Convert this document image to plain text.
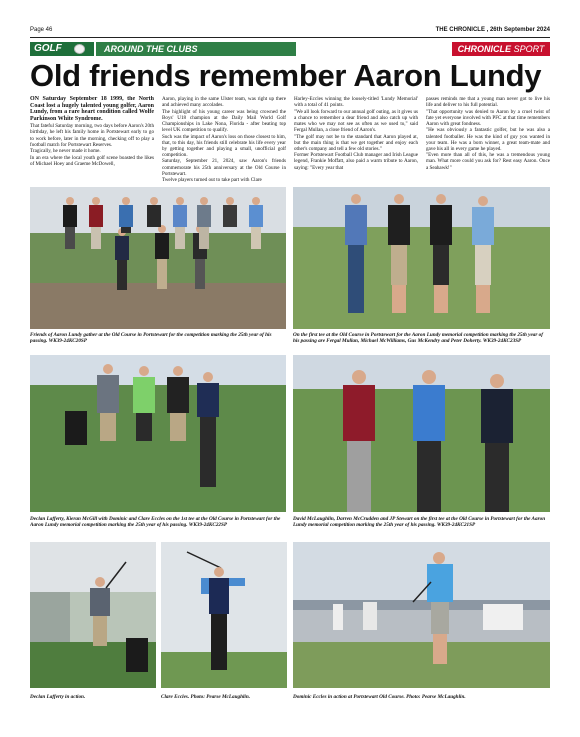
Page 46	THE CHRONICLE , 26th September 2024
GOLF	AROUND THE CLUBS	CHRONICLE SPORT
Old friends remember Aaron Lundy

ON Saturday September 18 1999, the North Coast lost a hugely talented young golfer, Aaron Lundy, from a rare heart condition called Wolfe Parkinson White Syndrome.

That fateful Saturday morning, two days before Aaron's 20th birthday, he left his family home in Portstewart early to go to work before, later in the morning, checking off to play a football match for Portstewart Reserves.

Tragically, he never made it home.

In an era where the local youth golf scene boasted the likes of Michael Hoey and Graeme McDowell,

Aaron, playing in the same Ulster team, was right up there and achieved many accolades.

The highlight of his young career was being crowned the Boys' U18 champion at the Daily Mail World Golf Championships in Lake Nona, Florida - after beating top level UK competition to qualify.

Such was the impact of Aaron's loss on those closest to him, that, to this day, his friends still celebrate his life every year by getting together and playing a small, unofficial golf competition.

Saturday, September 21, 2024, saw Aaron's friends commemorate his 25th anniversary at the Old Course in Portstewart.

Twelve players turned out to take part with Clare

Harley-Eccles winning the loosely-titled 'Lundy Memorial' with a total of 41 points.

"We all look forward to our annual golf outing, as it gives us a chance to remember a dear friend and also catch up with mates who we may not see as often as we used to," said Fergal Mullan, a close friend of Aaron's.

"The golf may not be to the standard that Aaron played at, but the main thing is that we get together and enjoy each other's company and tell a few old stories."

Former Portstewart Football Club manager and Irish League legend, Frankie Moffatt, also paid a warm tribute to Aaron, saying: "Every year that

passes reminds me that a young man never got to live his life and deliver to his full potential.

"That opportunity was denied to Aaron by a cruel twist of fate yet everyone involved with PFC at that time remembers Aaron with great fondness.

"He was obviously a fantastic golfer, but he was also a talented footballer. He was the kind of guy you wanted in your team. He was a born winner, a great team-mate and gave his all in every game he played.

"Even more than all of this, he was a tremendous young man. What more could you ask for? Rest easy Aaron. Once a Seahawk!"

Friends of Aaron Lundy gather at the Old Course in Portstewart for the competition marking the 25th year of his passing. WK39-24KC20SP
On the first tee at the Old Course in Portstewart for the Aaron Lundy memorial competition marking the 25th year of his passing are Fergal Mullan, Michael McWilliams, Gus McKendry and Peter Doherty. WK39-24KC23SP
Declan Lafferty, Kieran McGill with Dominic and Clare Eccles on the 1st tee at the Old Course in Portstewart for the Aaron Lundy memorial competition marking the 25th year of his passing. WK39-24KC22SP
David McLaughlin, Darren McCrudden and JP Stewart on the first tee at the Old Course in Portstewart for the Aaron Lundy memorial competition marking the 25th year of his passing. WK39-24KC21SP
Declan Lafferty in action.	Clare Eccles. Photo: Pearse McLaughlin.	Dominic Eccles in action at Portstewart Old Course. Photo: Pearse McLaughlin.
